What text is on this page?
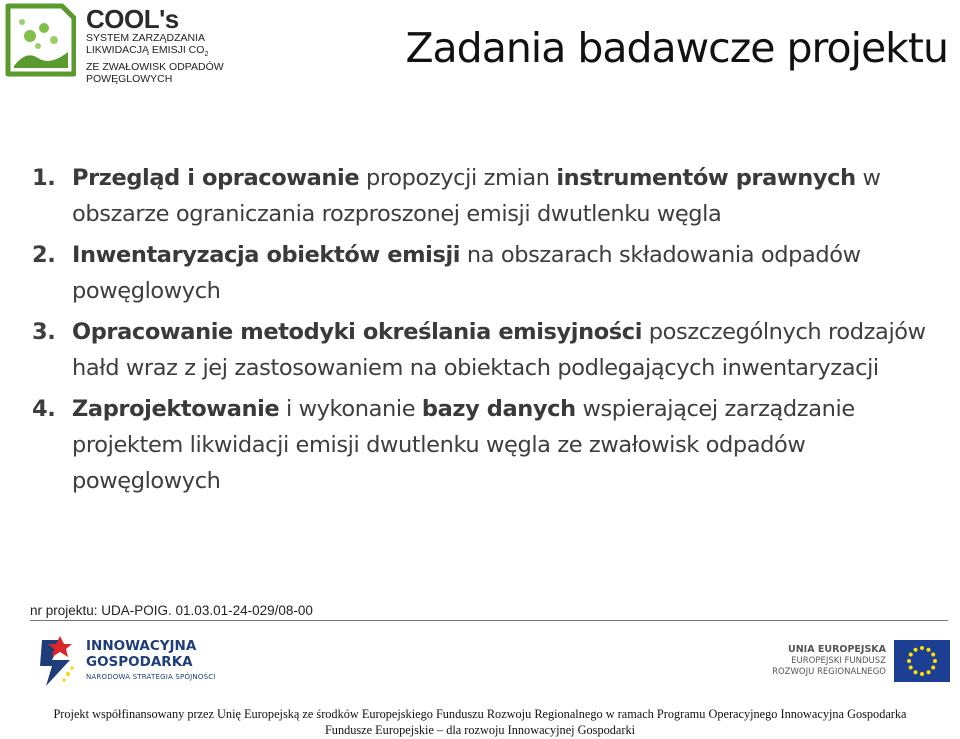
COOL's
SYSTEM ZARZĄDZANIA
LIKWIDACJĄ EMISJI $CO_2$
ZE ZWAŁOWISK ODPADÓW
POWĘGLOWYCH
Zadania badawcze projektu
1. Przegląd i opracowanie propozycji zmian instrumentów prawnych w obszarze ograniczania rozproszonej emisji dwutlenku węgla
2. Inwentaryzacja obiektów emisji na obszarach składowania odpadów powęglowych
3. Opracowanie metodyki określania emisyjności poszczególnych rodzajów hałd wraz z jej zastosowaniem na obiektach podlegających inwentaryzacji
4. Zaprojektowanie i wykonanie bazy danych wspierającej zarządzanie projektem likwidacji emisji dwutlenku węgla ze zwałowisk odpadów powęglowych
nr projektu: UDA-POIG. 01.03.01-24-029/08-00
INNOWACYJNA
GOSPODARKA
NARODOWA STRATEGIA SPÓJNOŚCI
UNIA EUROPEJSKA
EUROPEJSKI FUNDUSZ
ROZWOJU REGIONALNEGO
Projekt współfinansowany przez Unię Europejską ze środków Europejskiego Funduszu Rozwoju Regionalnego w ramach Programu Operacyjnego Innowacyjna Gospodarka
Fundusze Europejskie – dla rozwoju Innowacyjnej Gospodarki
